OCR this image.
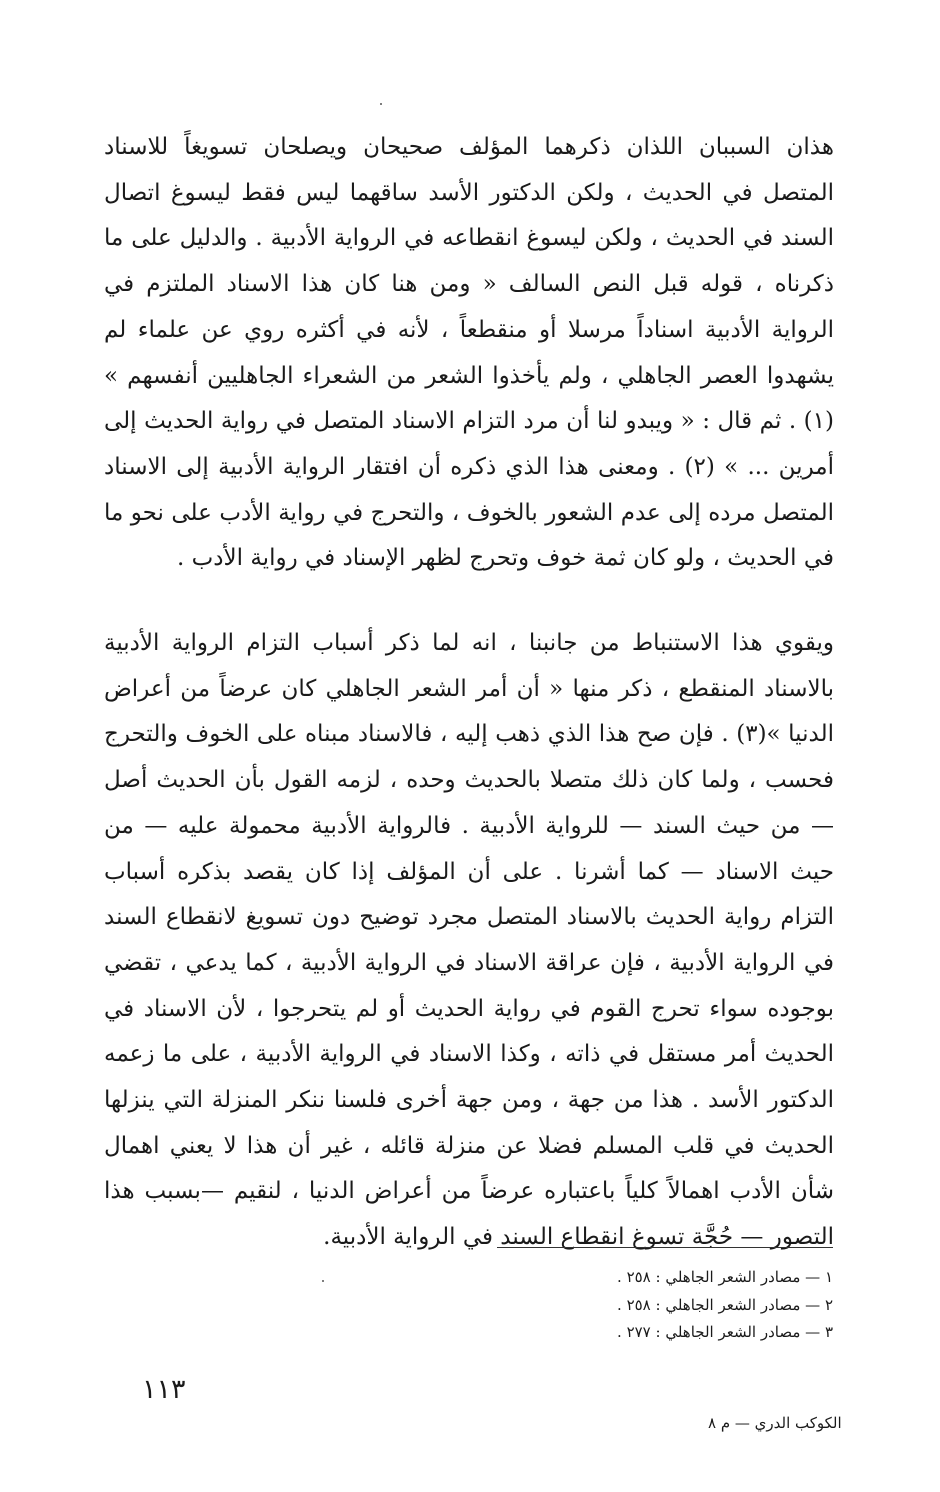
هذان السببان اللذان ذكرهما المؤلف صحيحان ويصلحان تسويغاً للاسناد المتصل في الحديث ، ولكن الدكتور الأسد ساقهما ليس فقط ليسوغ اتصال السند في الحديث ، ولكن ليسوغ انقطاعه في الرواية الأدبية . والدليل على ما ذكرناه ، قوله قبل النص السالف « ومن هنا كان هذا الاسناد الملتزم في الرواية الأدبية اسناداً مرسلا أو منقطعاً ، لأنه في أكثره روي عن علماء لم يشهدوا العصر الجاهلي ، ولم يأخذوا الشعر من الشعراء الجاهليين أنفسهم » (١) . ثم قال : « ويبدو لنا أن مرد التزام الاسناد المتصل في رواية الحديث إلى أمرين ... » (٢) . ومعنى هذا الذي ذكره أن افتقار الرواية الأدبية إلى الاسناد المتصل مرده إلى عدم الشعور بالخوف ، والتحرج في رواية الأدب على نحو ما في الحديث ، ولو كان ثمة خوف وتحرج لظهر الإسناد في رواية الأدب .

ويقوي هذا الاستنباط من جانبنا ، انه لما ذكر أسباب التزام الرواية الأدبية بالاسناد المنقطع ، ذكر منها « أن أمر الشعر الجاهلي كان عرضاً من أعراض الدنيا »(٣) . فإن صح هذا الذي ذهب إليه ، فالاسناد مبناه على الخوف والتحرج فحسب ، ولما كان ذلك متصلا بالحديث وحده ، لزمه القول بأن الحديث أصل — من حيث السند — للرواية الأدبية . فالرواية الأدبية محمولة عليه — من حيث الاسناد — كما أشرنا . على أن المؤلف إذا كان يقصد بذكره أسباب التزام رواية الحديث بالاسناد المتصل مجرد توضيح دون تسويغ لانقطاع السند في الرواية الأدبية ، فإن عراقة الاسناد في الرواية الأدبية ، كما يدعي ، تقضي بوجوده سواء تحرج القوم في رواية الحديث أو لم يتحرجوا ، لأن الاسناد في الحديث أمر مستقل في ذاته ، وكذا الاسناد في الرواية الأدبية ، على ما زعمه الدكتور الأسد . هذا من جهة ، ومن جهة أخرى فلسنا ننكر المنزلة التي ينزلها الحديث في قلب المسلم فضلا عن منزلة قائله ، غير أن هذا لا يعني اهمال شأن الأدب اهمالاً كلياً باعتباره عرضاً من أعراض الدنيا ، لنقيم —بسبب هذا التصور — حُجَّة تسوغ انقطاع السند في الرواية الأدبية.

١ — مصادر الشعر الجاهلي : ٢٥٨ .
٢ — مصادر الشعر الجاهلي : ٢٥٨ .
٣ — مصادر الشعر الجاهلي : ٢٧٧ .
١١٣
الكوكب الدري — م ٨
